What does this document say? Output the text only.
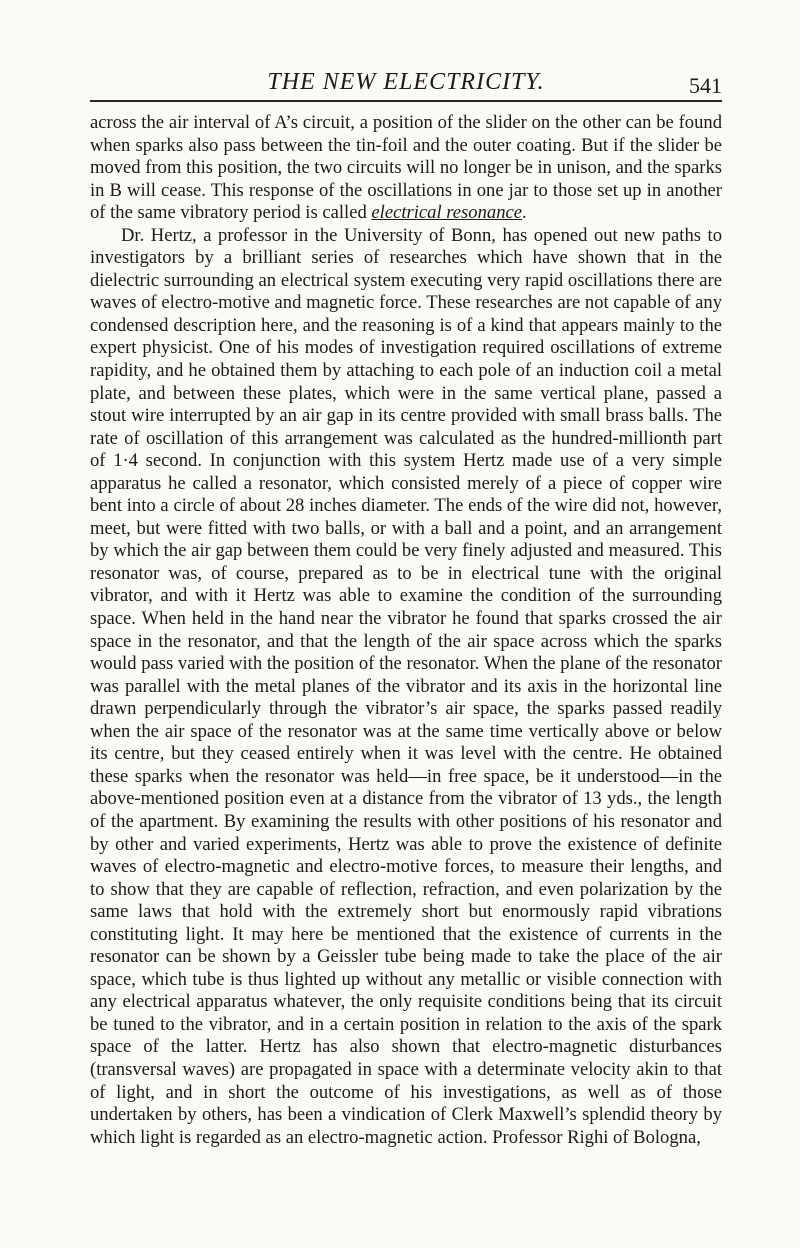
THE NEW ELECTRICITY.	541

across the air interval of A’s circuit, a position of the slider on the other can be found when sparks also pass between the tin-foil and the outer coating. But if the slider be moved from this position, the two circuits will no longer be in unison, and the sparks in B will cease. This response of the oscillations in one jar to those set up in another of the same vibratory period is called electrical resonance.

Dr. Hertz, a professor in the University of Bonn, has opened out new paths to investigators by a brilliant series of researches which have shown that in the dielectric surrounding an electrical system executing very rapid oscillations there are waves of electro-motive and magnetic force. These researches are not capable of any condensed description here, and the reasoning is of a kind that appears mainly to the expert physicist. One of his modes of investigation required oscillations of extreme rapidity, and he obtained them by attaching to each pole of an induction coil a metal plate, and between these plates, which were in the same vertical plane, passed a stout wire interrupted by an air gap in its centre provided with small brass balls. The rate of oscillation of this arrangement was calculated as the hundred-millionth part of 1·4 second. In conjunction with this system Hertz made use of a very simple apparatus he called a resonator, which consisted merely of a piece of copper wire bent into a circle of about 28 inches diameter. The ends of the wire did not, however, meet, but were fitted with two balls, or with a ball and a point, and an arrangement by which the air gap between them could be very finely adjusted and measured. This resonator was, of course, prepared as to be in electrical tune with the original vibrator, and with it Hertz was able to examine the condition of the surrounding space. When held in the hand near the vibrator he found that sparks crossed the air space in the resonator, and that the length of the air space across which the sparks would pass varied with the position of the resonator. When the plane of the resonator was parallel with the metal planes of the vibrator and its axis in the horizontal line drawn perpendicularly through the vibrator’s air space, the sparks passed readily when the air space of the resonator was at the same time vertically above or below its centre, but they ceased entirely when it was level with the centre. He obtained these sparks when the resonator was held—in free space, be it understood—in the above-mentioned position even at a distance from the vibrator of 13 yds., the length of the apartment. By examining the results with other positions of his resonator and by other and varied experiments, Hertz was able to prove the existence of definite waves of electro-magnetic and electro-motive forces, to measure their lengths, and to show that they are capable of reflection, refraction, and even polarization by the same laws that hold with the extremely short but enormously rapid vibrations constituting light. It may here be mentioned that the existence of currents in the resonator can be shown by a Geissler tube being made to take the place of the air space, which tube is thus lighted up without any metallic or visible connection with any electrical apparatus whatever, the only requisite conditions being that its circuit be tuned to the vibrator, and in a certain position in relation to the axis of the spark space of the latter. Hertz has also shown that electro-magnetic disturbances (transversal waves) are propagated in space with a determinate velocity akin to that of light, and in short the outcome of his investigations, as well as of those undertaken by others, has been a vindication of Clerk Maxwell’s splendid theory by which light is regarded as an electro-magnetic action. Professor Righi of Bologna,
